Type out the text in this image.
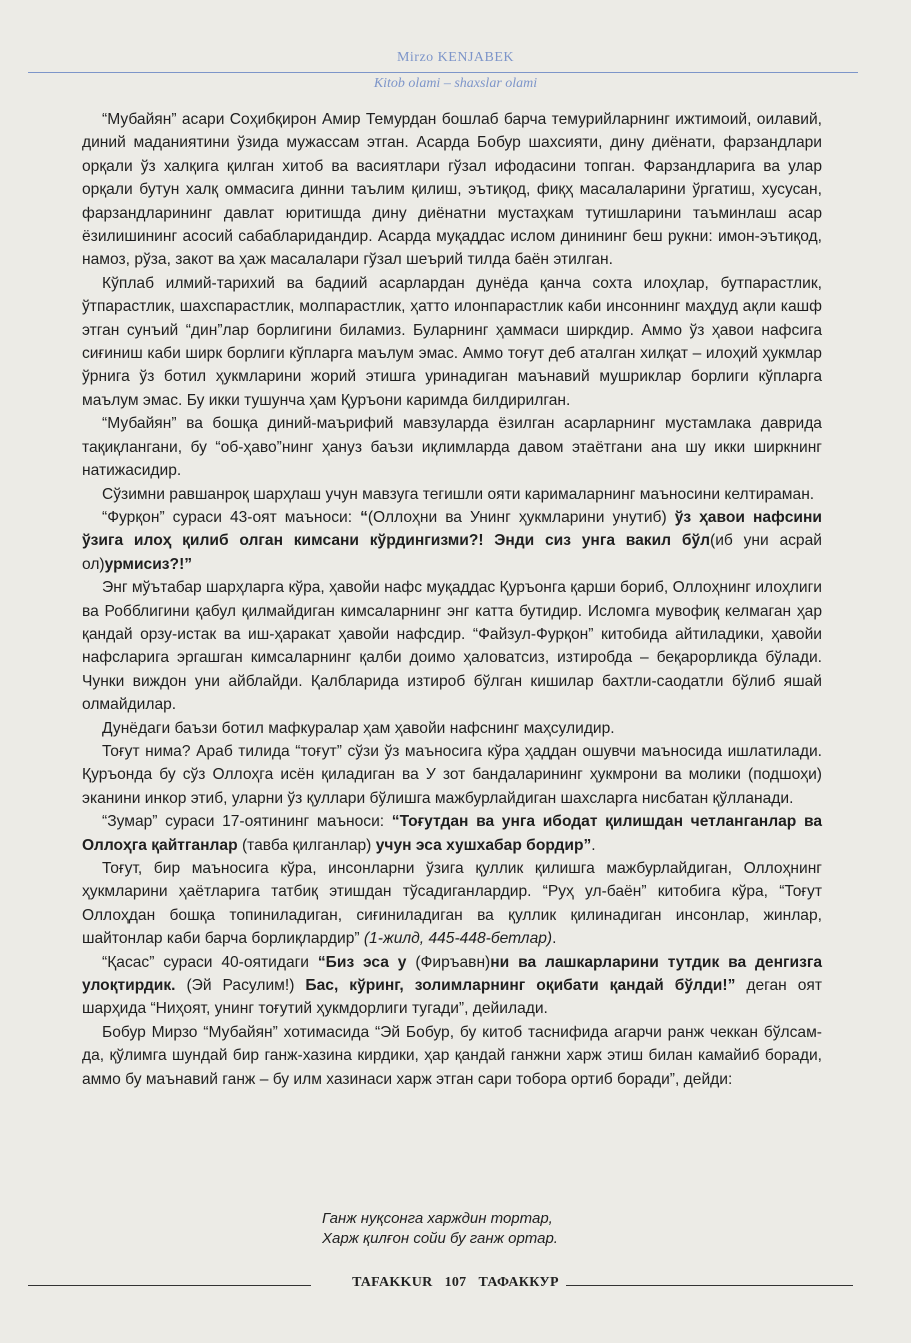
Mirzo KENJABEK
Kitob olami – shaxslar olami

“Мубайян” асари Соҳибқирон Амир Темурдан бошлаб барча темурийларнинг ижтимоий, оилавий, диний маданиятини ўзида мужассам этган. Асарда Бобур шахсияти, дину диёнати, фарзандлари орқали ўз халқига қилган хитоб ва васиятлари гўзал ифодасини топган. Фарзандларига ва улар орқали бутун халқ оммасига динни таълим қилиш, эътиқод, фиқҳ масалаларини ўргатиш, хусусан, фарзандларининг давлат юритишда дину диёнатни мустаҳкам тутишларини таъминлаш асар ёзилишининг асосий сабабларидандир. Асарда муқаддас ислом динининг беш рукни: имон-эътиқод, намоз, рўза, закот ва ҳаж масалалари гўзал шеърий тилда баён этилган.

Кўплаб илмий-тарихий ва бадиий асарлардан дунёда қанча сохта илоҳлар, бутпарастлик, ўтпарастлик, шахспарастлик, молпарастлик, ҳатто илонпарастлик каби инсоннинг маҳдуд ақли кашф этган сунъий “дин”лар борлигини биламиз. Буларнинг ҳаммаси ширкдир. Аммо ўз ҳавои нафсига сиғиниш каби ширк борлиги кўпларга маълум эмас. Аммо тоғут деб аталган хилқат – илоҳий ҳукмлар ўрнига ўз ботил ҳукмларини жорий этишга уринадиган маънавий мушриклар борлиги кўпларга маълум эмас. Бу икки тушунча ҳам Қуръони каримда билдирилган.

“Мубайян” ва бошқа диний-маърифий мавзуларда ёзилган асарларнинг мустамлака даврида тақиқлангани, бу “об-ҳаво”нинг ҳануз баъзи иқлимларда давом этаётгани ана шу икки ширкнинг натижасидир.

Сўзимни равшанроқ шарҳлаш учун мавзуга тегишли ояти карималарнинг маъносини келтираман.

“Фурқон” сураси 43-оят маъноси: “(Оллоҳни ва Унинг ҳукмларини унутиб) ўз ҳавои нафсини ўзига илоҳ қилиб олган кимсани кўрдингизми?! Энди сиз унга вакил бўл(иб уни асрай ол)урмисиз?!”

Энг мўътабар шарҳларга кўра, ҳавойи нафс муқаддас Қуръонга қарши бориб, Оллоҳнинг илоҳлиги ва Робблигини қабул қилмайдиган кимсаларнинг энг катта бутидир. Исломга мувофиқ келмаган ҳар қандай орзу-истак ва иш-ҳаракат ҳавойи нафсдир. “Файзул-Фурқон” китобида айтиладики, ҳавойи нафсларига эргашган кимсаларнинг қалби доимо ҳаловатсиз, изтиробда – беқарорликда бўлади. Чунки виждон уни айблайди. Қалбларида изтироб бўлган кишилар бахтли-саодатли бўлиб яшай олмайдилар.

Дунёдаги баъзи ботил мафкуралар ҳам ҳавойи нафснинг маҳсулидир.

Тоғут нима? Араб тилида “тоғут” сўзи ўз маъносига кўра ҳаддан ошувчи маъносида ишлатилади. Қуръонда бу сўз Оллоҳга исён қиладиган ва У зот бандаларининг ҳукмрони ва молики (подшоҳи) эканини инкор этиб, уларни ўз қуллари бўлишга мажбурлайдиган шахсларга нисбатан қўлланади.

“Зумар” сураси 17-оятининг маъноси: “Тоғутдан ва унга ибодат қилишдан четланганлар ва Оллоҳга қайтганлар (тавба қилганлар) учун эса хушхабар бордир”.

Тоғут, бир маъносига кўра, инсонларни ўзига қуллик қилишга мажбурлайдиган, Оллоҳнинг ҳукмларини ҳаётларига татбиқ этишдан тўсадиганлардир. “Руҳ ул-баён” китобига кўра, “Тоғут Оллоҳдан бошқа топиниладиган, сиғиниладиган ва қуллик қилинадиган инсонлар, жинлар, шайтонлар каби барча борлиқлардир” (1-жилд, 445-448-бетлар).

“Қасас” сураси 40-оятидаги “Биз эса у (Фиръавн)ни ва лашкарларини тутдик ва денгизга улоқтирдик. (Эй Расулим!) Бас, кўринг, золимларнинг оқибати қандай бўлди!” деган оят шарҳида “Ниҳоят, унинг тоғутий ҳукмдорлиги тугади”, дейилади.

Бобур Мирзо “Мубайян” хотимасида “Эй Бобур, бу китоб таснифида агарчи ранж чеккан бўлсам-да, қўлимга шундай бир ганж-хазина кирдики, ҳар қандай ганжни харж этиш билан камайиб боради, аммо бу маънавий ганж – бу илм хазинаси харж этган сари тобора ортиб боради”, дейди:

Ганж нуқсонга харждин тортар,
Харж қилғон сойи бу ганж ортар.
TAFAKKUR 107 ТАФАККУР
